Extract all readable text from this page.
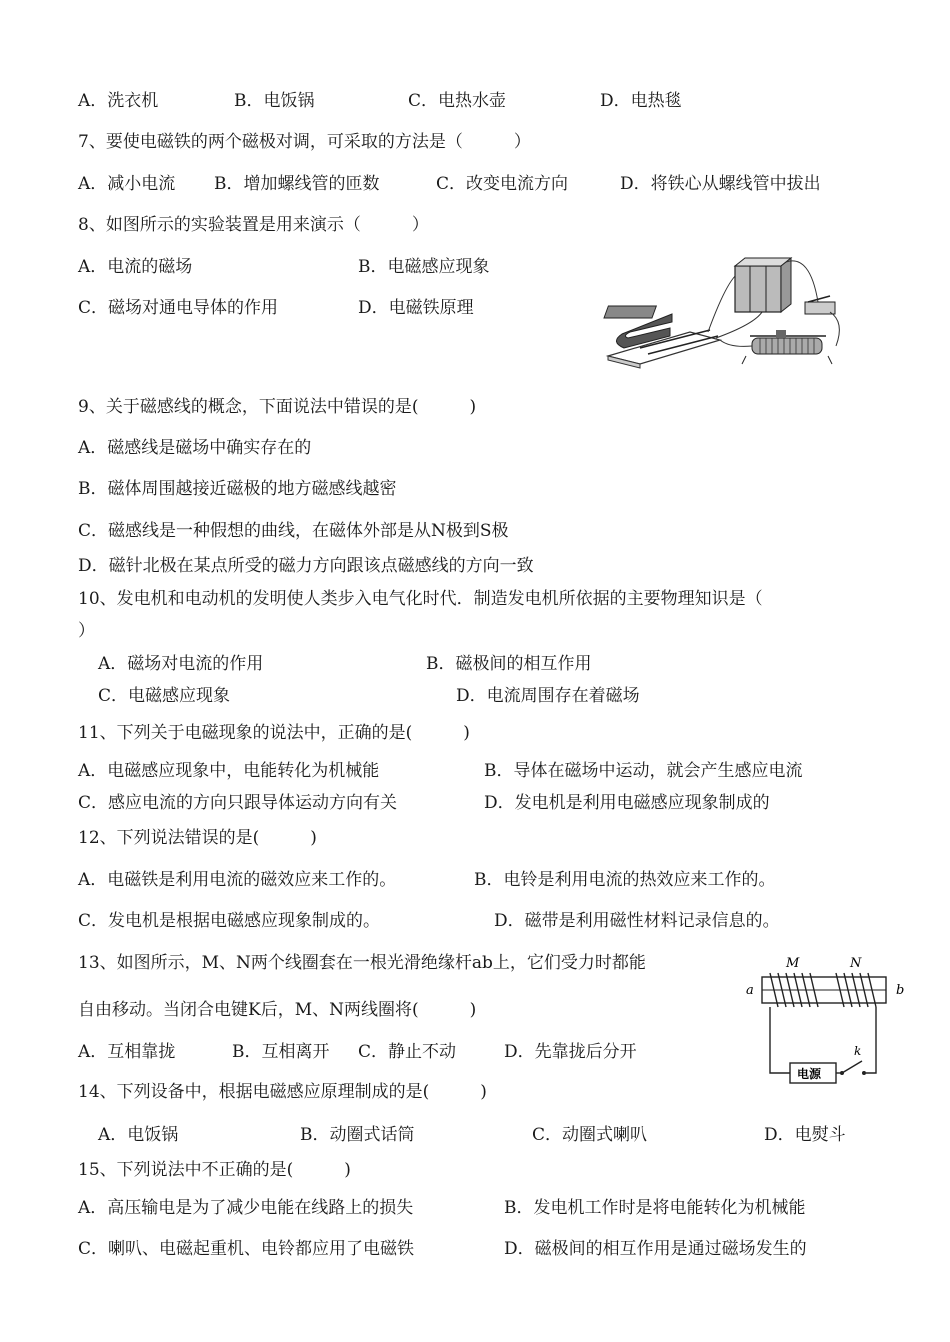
A．洗衣机	B．电饭锅	C．电热水壶	D．电热毯
7、要使电磁铁的两个磁极对调，可采取的方法是（　　　）
A．减小电流 B．增加螺线管的匝数	C．改变电流方向	D．将铁心从螺线管中拔出
8、如图所示的实验装置是用来演示（　　　）
A．电流的磁场	B．电磁感应现象
C．磁场对通电导体的作用	D．电磁铁原理
9、关于磁感线的概念，下面说法中错误的是(　　　)
A．磁感线是磁场中确实存在的
B．磁体周围越接近磁极的地方磁感线越密
C．磁感线是一种假想的曲线，在磁体外部是从N极到S极
D．磁针北极在某点所受的磁力方向跟该点磁感线的方向一致
10、发电机和电动机的发明使人类步入电气化时代．制造发电机所依据的主要物理知识是（
）
A．磁场对电流的作用	B．磁极间的相互作用
C．电磁感应现象	D．电流周围存在着磁场
11、下列关于电磁现象的说法中，正确的是(　　　)
A．电磁感应现象中，电能转化为机械能	B．导体在磁场中运动，就会产生感应电流
C．感应电流的方向只跟导体运动方向有关	D．发电机是利用电磁感应现象制成的
12、下列说法错误的是(　　　)
A．电磁铁是利用电流的磁效应来工作的。	B．电铃是利用电流的热效应来工作的。
C．发电机是根据电磁感应现象制成的。	D．磁带是利用磁性材料记录信息的。
13、如图所示，M、N两个线圈套在一根光滑绝缘杆ab上，它们受力时都能
自由移动。当闭合电键K后，M、N两线圈将(　　　)
A．互相靠拢	B．互相离开 C．静止不动	D．先靠拢后分开
M	N
a	b
k
电源
14、下列设备中，根据电磁感应原理制成的是(　　　)
A．电饭锅	B．动圈式话筒	C．动圈式喇叭	D．电熨斗
15、下列说法中不正确的是(　　　)
A．高压输电是为了减少电能在线路上的损失	B．发电机工作时是将电能转化为机械能
C．喇叭、电磁起重机、电铃都应用了电磁铁	D．磁极间的相互作用是通过磁场发生的
